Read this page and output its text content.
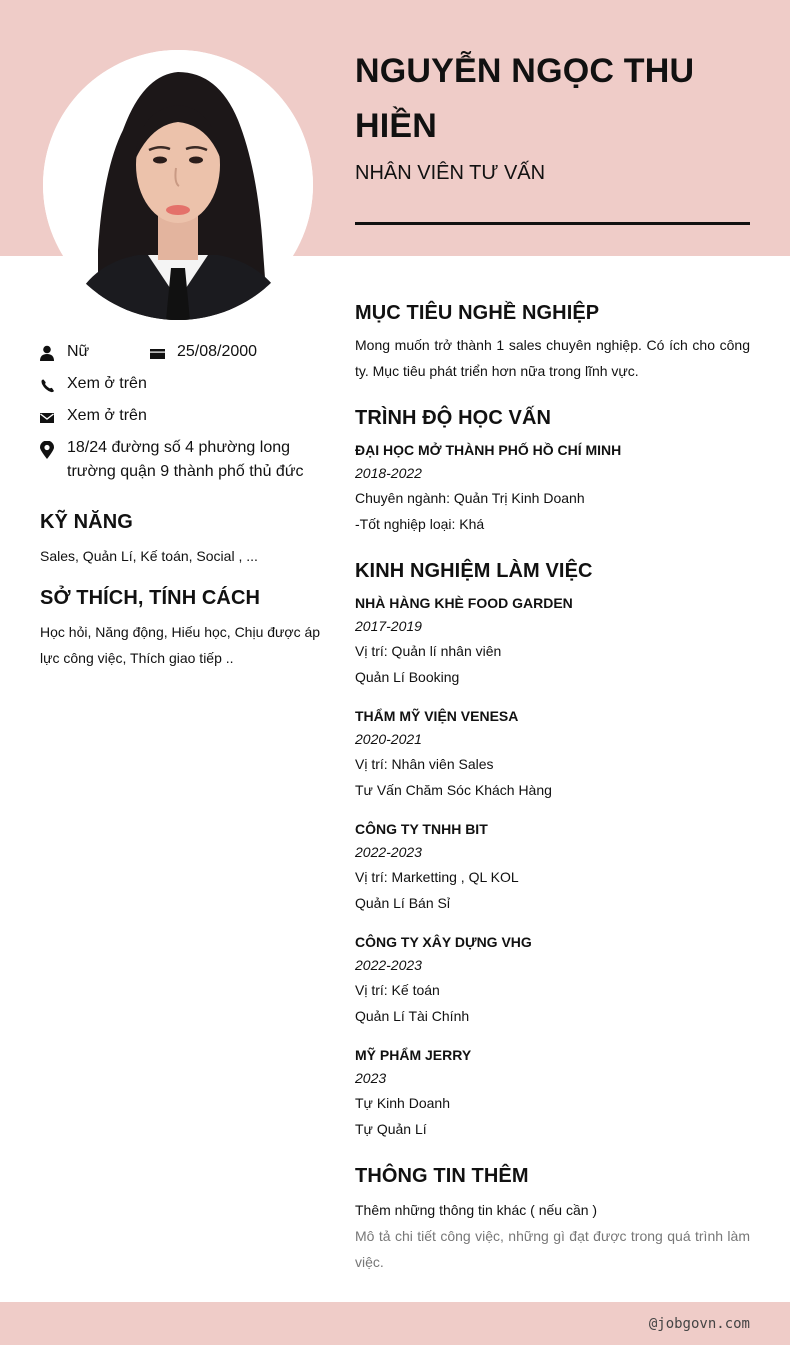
NGUYỄN NGỌC THU HIỀN

NHÂN VIÊN TƯ VẤN

Nữ	25/08/2000
Xem ở trên
Xem ở trên
18/24 đường số 4 phường long trường quận 9 thành phố thủ đức
KỸ NĂNG

Sales, Quản Lí, Kế toán, Social , ...

SỞ THÍCH, TÍNH CÁCH

Học hỏi, Năng động, Hiếu học, Chịu được áp lực công việc, Thích giao tiếp ..

MỤC TIÊU NGHỀ NGHIỆP

Mong muốn trở thành 1 sales chuyên nghiệp. Có ích cho công ty. Mục tiêu phát triển hơn nữa trong lĩnh vực.

TRÌNH ĐỘ HỌC VẤN

ĐẠI HỌC MỞ THÀNH PHỐ HỒ CHÍ MINH

2018-2022

Chuyên ngành: Quản Trị Kinh Doanh

-Tốt nghiệp loại: Khá

KINH NGHIỆM LÀM VIỆC

NHÀ HÀNG KHÈ FOOD GARDEN

2017-2019

Vị trí: Quản lí nhân viên

Quản Lí Booking

THẨM MỸ VIỆN VENESA

2020-2021

Vị trí: Nhân viên Sales

Tư Vấn Chăm Sóc Khách Hàng

CÔNG TY TNHH BIT

2022-2023

Vị trí: Marketting , QL KOL

Quản Lí Bán Sỉ

CÔNG TY XÂY DỰNG VHG

2022-2023

Vị trí: Kế toán

Quản Lí Tài Chính

MỸ PHẨM JERRY

2023

Tự Kinh Doanh

Tự Quản Lí

THÔNG TIN THÊM

Thêm những thông tin khác ( nếu cần )

Mô tả chi tiết công việc, những gì đạt được trong quá trình làm việc.

@jobgovn.com
